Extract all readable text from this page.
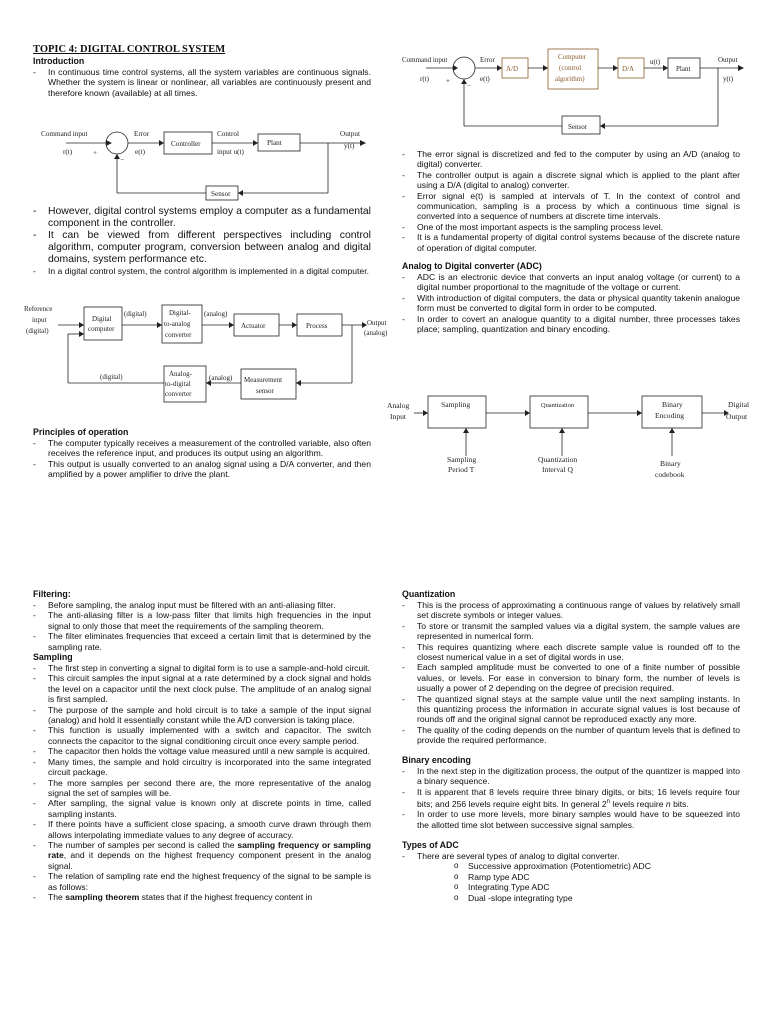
TOPIC 4: DIGITAL CONTROL SYSTEM
Introduction
- In continuous time control systems, all the system variables are continuous signals. Whether the system is linear or nonlinear, all variables are continuously present and therefore known (available) at all times.
Command input
r(t)	+
−
Error
e(t)
Controller
Control
input u(t)
Plant
Output
y(t)
Sensor
- However, digital control systems employ a computer as a fundamental component in the controller.
- It can be viewed from different perspectives including control algorithm, computer program, conversion between analog and digital domains, system performance etc.
- In a digital control system, the control algorithm is implemented in a digital computer.
Reference
input
(digital)
Digital
computer
(digital)	Digital-
to-analog
converter
(analog)
Actuator	Process	Output
(analog)
(digital)	Analog-
to-digital
converter
(analog) Measurement
sensor
Principles of operation
- The computer typically receives a measurement of the controlled variable, also often receives the reference input, and produces its output using an algorithm.
- This output is usually converted to an analog signal using a D/A converter, and then amplified by a power amplifier to drive the plant.
Command input
r(t) +
−
Error
e(t)
A/D
Computer
(control
algorithm)
D/A
u(t)
Plant
Output
y(t)
Sensor
- The error signal is discretized and fed to the computer by using an A/D (analog to digital) converter.
- The controller output is again a discrete signal which is applied to the plant after using a D/A (digital to analog) converter.
- Error signal e(t) is sampled at intervals of T. In the context of control and communication, sampling is a process by which a continuous time signal is converted into a sequence of numbers at discrete time intervals.
- One of the most important aspects is the sampling process level.
- It is a fundamental property of digital control systems because of the discrete nature of operation of digital computer.
Analog to Digital converter (ADC)
- ADC is an electronic device that converts an input analog voltage (or current) to a digital number proportional to the magnitude of the voltage or current.
- With introduction of digital computers, the data or physical quantity takenin analogue form must be converted to digital form in order to be computed.
- In order to covert an analogue quantity to a digital number, three processes takes place; sampling, quantization and binary encoding.
Analog
Input
Sampling	Quantization	Binary
Encoding
Digital
Output
Sampling
Period T
Quantization
Interval Q
Binary
codebook
Filtering:
- Before sampling, the analog input must be filtered with an anti-aliasing filter.
- The anti-aliasing filter is a low-pass filter that limits high frequencies in the input signal to only those that meet the requirements of the sampling theorem.
- The filter eliminates frequencies that exceed a certain limit that is determined by the sampling rate.
Sampling
- The first step in converting a signal to digital form is to use a sample-and-hold circuit.
- This circuit samples the input signal at a rate determined by a clock signal and holds the level on a capacitor until the next clock pulse. The amplitude of an analog signal is first sampled.
- The purpose of the sample and hold circuit is to take a sample of the input signal (analog) and hold it essentially constant while the A/D conversion is taking place.
- This function is usually implemented with a switch and capacitor. The switch connects the capacitor to the signal conditioning circuit once every sample period.
- The capacitor then holds the voltage value measured until a new sample is acquired.
- Many times, the sample and hold circuitry is incorporated into the same integrated circuit package.
- The more samples per second there are, the more representative of the analog signal the set of samples will be.
- After sampling, the signal value is known only at discrete points in time, called sampling instants.
- If there points have a sufficient close spacing, a smooth curve drawn through them allows interpolating immediate values to any degree of accuracy.
- The number of samples per second is called the sampling frequency or sampling rate, and it depends on the highest frequency component present in the analog signal.
- The relation of sampling rate end the highest frequency of the signal to be sample is as follows:
- The sampling theorem states that if the highest frequency content in
Quantization
- This is the process of approximating a continuous range of values by relatively small set discrete symbols or integer values.
- To store or transmit the sampled values via a digital system, the sample values are represented in numerical form.
- This requires quantizing where each discrete sample value is rounded off to the closest numerical value in a set of digital words in use.
- Each sampled amplitude must be converted to one of a finite number of possible values, or levels. For ease in conversion to binary form, the number of levels is usually a power of 2 depending on the degree of precision required.
- The quantized signal stays at the sample value until the next sampling instants. In this quantizing process the information in accurate signal values is lost because of rounds off and the original signal cannot be reproduced exactly any more.
- The quality of the coding depends on the number of quantum levels that is defined to provide the required performance.
Binary encoding
- In the next step in the digitization process, the output of the quantizer is mapped into a binary sequence.
- It is apparent that 8 levels require three binary digits, or bits; 16 levels require four bits; and 256 levels require eight bits. In general 2$^n$ levels require n bits.
- In order to use more levels, more binary samples would have to be squeezed into the allotted time slot between successive signal samples.
Types of ADC
- There are several types of analog to digital converter.
o Successive approximation (Potentiometric) ADC
o Ramp type ADC
o Integrating Type ADC
o Dual -slope integrating type
